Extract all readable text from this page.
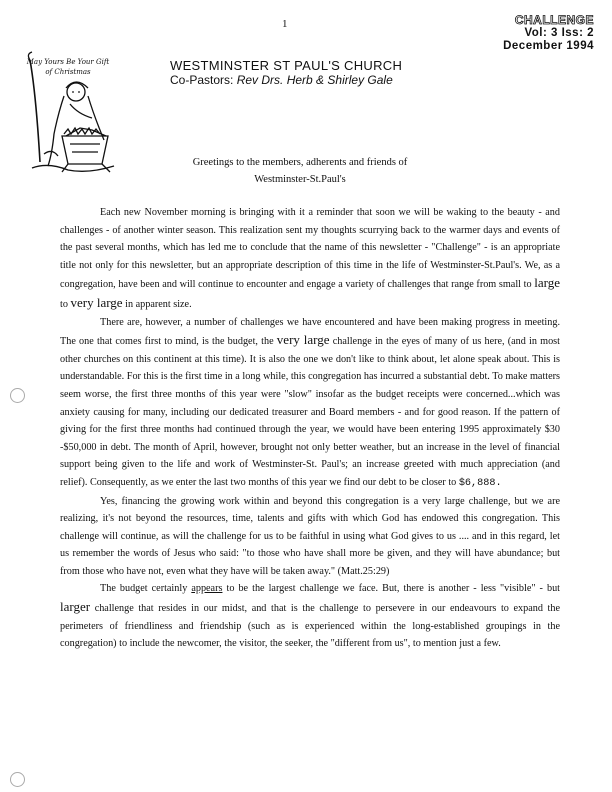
1	CHALLENGE
Vol: 3 Iss: 2
December 1994
May Yours Be Your Gift
of Christmas	WESTMINSTER ST PAUL'S CHURCH
Co-Pastors: Rev Drs. Herb & Shirley Gale
Greetings to the members, adherents and friends of
Westminster-St.Paul's

Each new November morning is bringing with it a reminder that soon we will be waking to the beauty - and challenges - of another winter season. This realization sent my thoughts scurrying back to the warmer days and events of the past several months, which has led me to conclude that the name of this newsletter - "Challenge" - is an appropriate title not only for this newsletter, but an appropriate description of this time in the life of Westminster-St.Paul's. We, as a congregation, have been and will continue to encounter and engage a variety of challenges that range from small to large to very large in apparent size.

There are, however, a number of challenges we have encountered and have been making progress in meeting. The one that comes first to mind, is the budget, the very large challenge in the eyes of many of us here, (and in most other churches on this continent at this time). It is also the one we don't like to think about, let alone speak about. This is understandable. For this is the first time in a long while, this congregation has incurred a substantial debt. To make matters seem worse, the first three months of this year were "slow" insofar as the budget receipts were concerned...which was anxiety causing for many, including our dedicated treasurer and Board members - and for good reason. If the pattern of giving for the first three months had continued through the year, we would have been entering 1995 approximately $30 -$50,000 in debt. The month of April, however, brought not only better weather, but an increase in the level of financial support being given to the life and work of Westminster-St. Paul's; an increase greeted with much appreciation (and relief). Consequently, as we enter the last two months of this year we find our debt to be closer to $6,888.

Yes, financing the growing work within and beyond this congregation is a very large challenge, but we are realizing, it's not beyond the resources, time, talents and gifts with which God has endowed this congregation. This challenge will continue, as will the challenge for us to be faithful in using what God gives to us .... and in this regard, let us remember the words of Jesus who said: "to those who have shall more be given, and they will have abundance; but from those who have not, even what they have will be taken away." (Matt.25:29)

The budget certainly appears to be the largest challenge we face. But, there is another - less "visible" - but larger challenge that resides in our midst, and that is the challenge to persevere in our endeavours to expand the perimeters of friendliness and friendship (such as is experienced within the long-established groupings in the congregation) to include the newcomer, the visitor, the seeker, the "different from us", to mention just a few.
